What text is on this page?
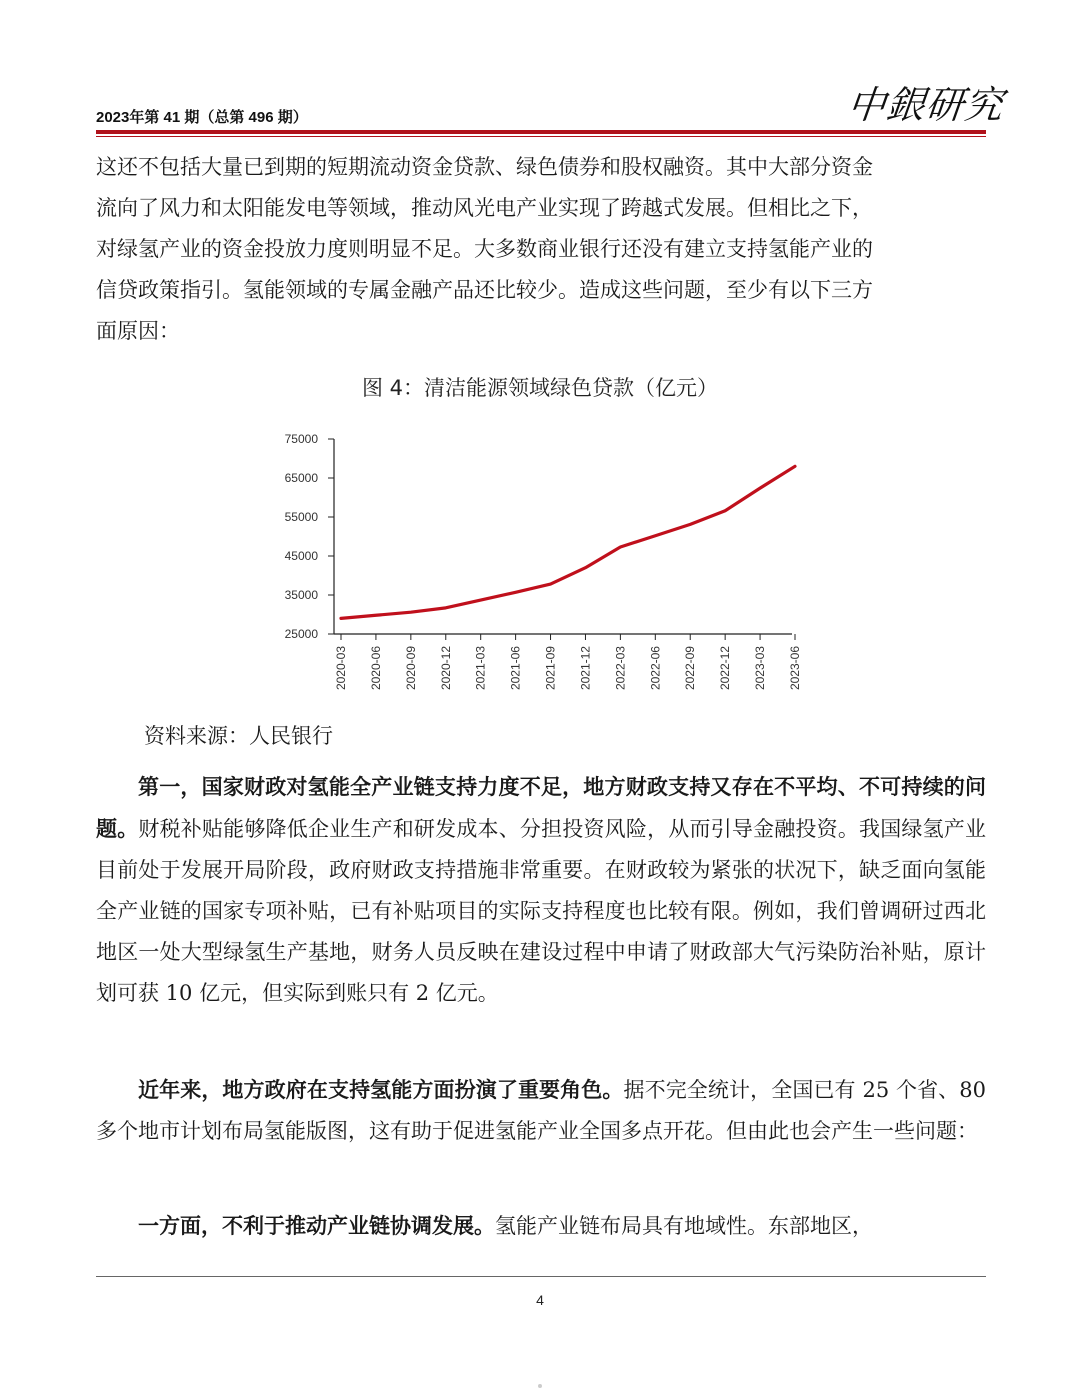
2023年第 41 期（总第 496 期）	中銀研究
这还不包括大量已到期的短期流动资金贷款、绿色债券和股权融资。其中大部分资金
流向了风力和太阳能发电等领域，推动风光电产业实现了跨越式发展。但相比之下，
对绿氢产业的资金投放力度则明显不足。大多数商业银行还没有建立支持氢能产业的
信贷政策指引。氢能领域的专属金融产品还比较少。造成这些问题，至少有以下三方
面原因：
图 4：清洁能源领域绿色贷款（亿元）
25000
35000
45000
55000
65000
75000
2020-03 2020-06 2020-09 2020-12 2021-03 2021-06 2021-09 2021-12 2022-03 2022-06 2022-09 2022-12 2023-03 2023-06
资料来源：人民银行

第一，国家财政对氢能全产业链支持力度不足，地方财政支持又存在不平均、不可持续的问题。财税补贴能够降低企业生产和研发成本、分担投资风险，从而引导金融投资。我国绿氢产业目前处于发展开局阶段，政府财政支持措施非常重要。在财政较为紧张的状况下，缺乏面向氢能全产业链的国家专项补贴，已有补贴项目的实际支持程度也比较有限。例如，我们曾调研过西北地区一处大型绿氢生产基地，财务人员反映在建设过程中申请了财政部大气污染防治补贴，原计划可获 10 亿元，但实际到账只有 2 亿元。

近年来，地方政府在支持氢能方面扮演了重要角色。据不完全统计，全国已有 25 个省、80 多个地市计划布局氢能版图，这有助于促进氢能产业全国多点开花。但由此也会产生一些问题：

一方面，不利于推动产业链协调发展。氢能产业链布局具有地域性。东部地区，

4
